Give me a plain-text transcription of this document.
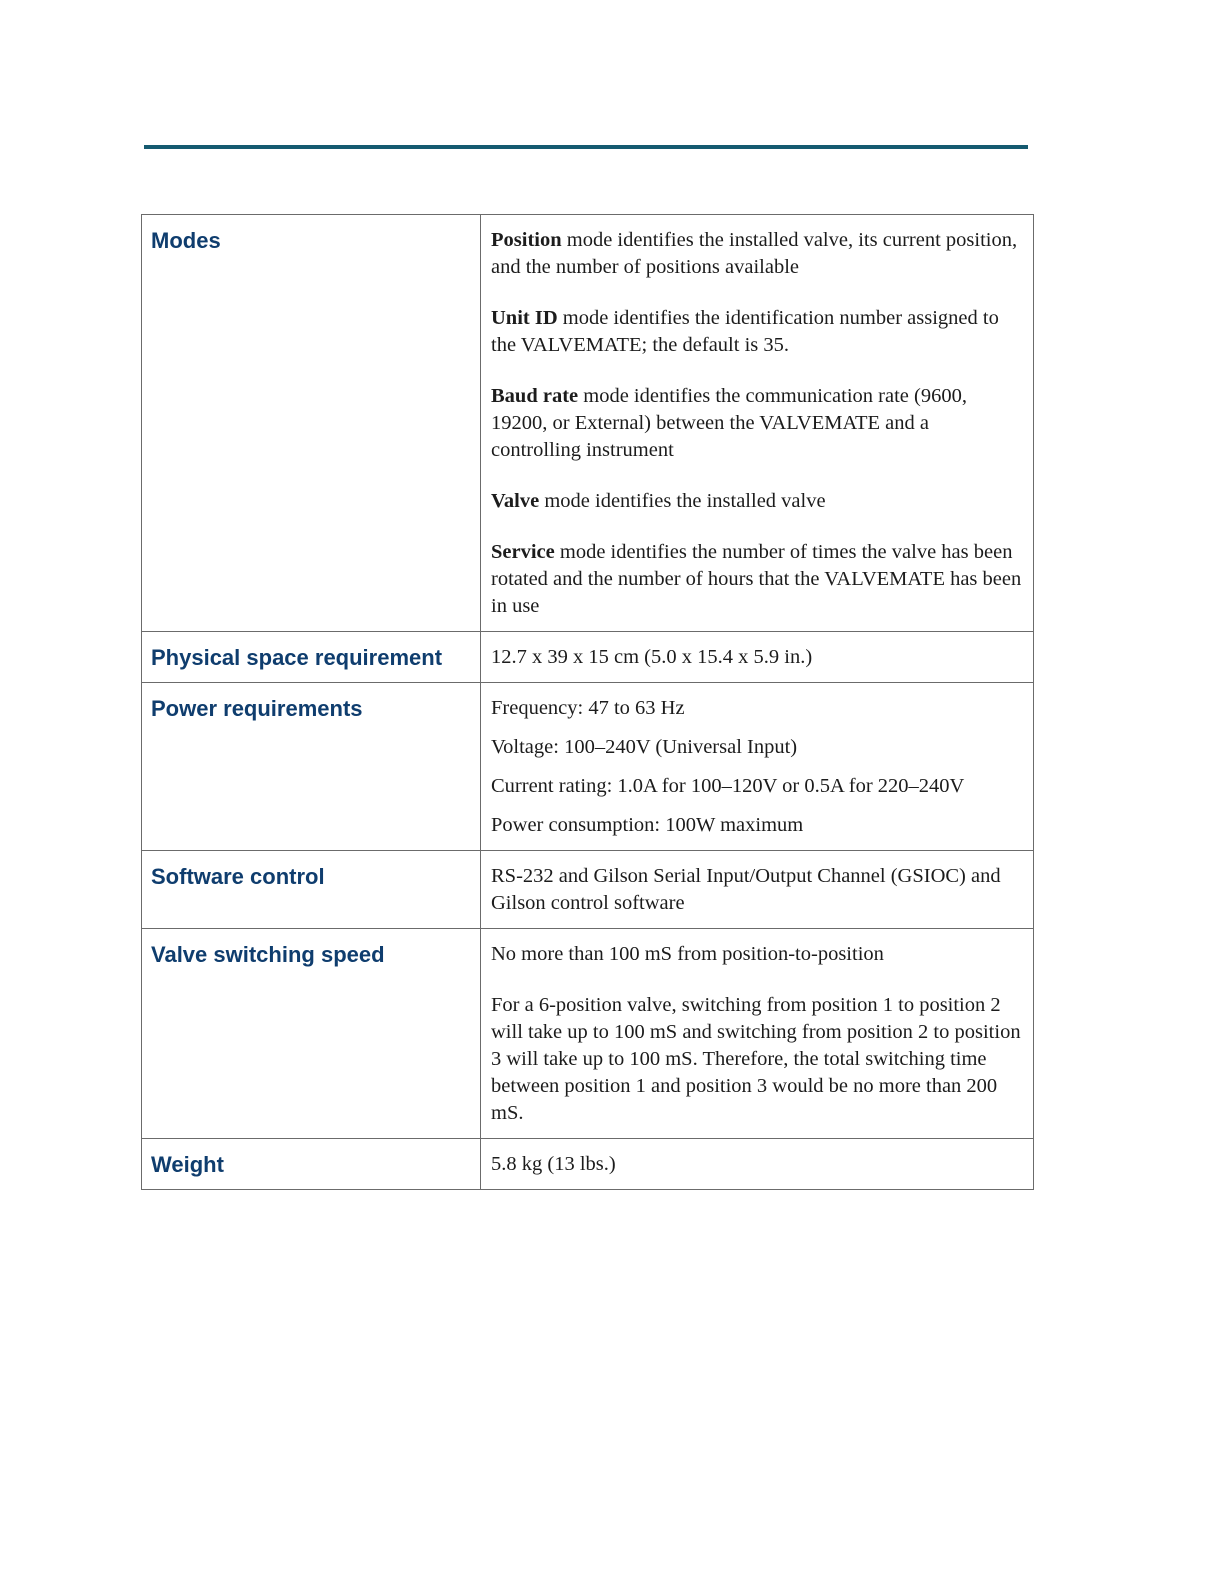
Modes	Position mode identifies the installed valve, its current position, and the number of positions available

Unit ID mode identifies the identification number assigned to the VALVEMATE; the default is 35.

Baud rate mode identifies the communication rate (9600, 19200, or External) between the VALVEMATE and a controlling instrument

Valve mode identifies the installed valve

Service mode identifies the number of times the valve has been rotated and the number of hours that the VALVEMATE has been in use

Physical space requirement	12.7 x 39 x 15 cm (5.0 x 15.4 x 5.9 in.)
Power requirements	Frequency: 47 to 63 Hz

Voltage: 100–240V (Universal Input)

Current rating: 1.0A for 100–120V or 0.5A for 220–240V

Power consumption: 100W maximum

Software control	RS-232 and Gilson Serial Input/Output Channel (GSIOC) and Gilson control software
Valve switching speed	No more than 100 mS from position-to-position

For a 6-position valve, switching from position 1 to position 2 will take up to 100 mS and switching from position 2 to position 3 will take up to 100 mS. Therefore, the total switching time between position 1 and position 3 would be no more than 200 mS.

Weight	5.8 kg (13 lbs.)
